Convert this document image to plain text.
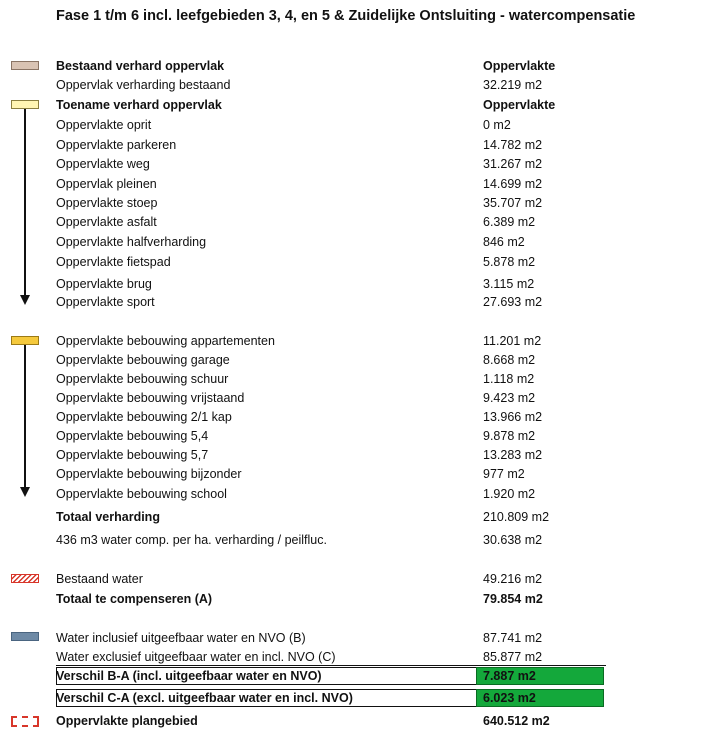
Fase 1 t/m 6 incl. leefgebieden 3, 4, en 5 & Zuidelijke Ontsluiting - watercompensatie
Bestaand verhard oppervlak	Oppervlakte
Oppervlak verharding bestaand	32.219 m2
Toename verhard oppervlak	Oppervlakte
Oppervlakte oprit	0 m2
Oppervlakte parkeren	14.782 m2
Oppervlakte weg	31.267 m2
Oppervlak pleinen	14.699 m2
Oppervlakte stoep	35.707 m2
Oppervlakte asfalt	6.389 m2
Oppervlakte halfverharding	846 m2
Oppervlakte fietspad	5.878 m2
Oppervlakte brug	3.115 m2
Oppervlakte sport	27.693 m2
Oppervlakte bebouwing appartementen	11.201 m2
Oppervlakte bebouwing garage	8.668 m2
Oppervlakte bebouwing schuur	1.118 m2
Oppervlakte bebouwing vrijstaand	9.423 m2
Oppervlakte bebouwing 2/1 kap	13.966 m2
Oppervlakte bebouwing 5,4	9.878 m2
Oppervlakte bebouwing 5,7	13.283 m2
Oppervlakte bebouwing bijzonder	977 m2
Oppervlakte bebouwing school	1.920 m2
Totaal verharding	210.809 m2
436 m3 water comp. per ha. verharding / peilfluc.	30.638 m2
Bestaand water	49.216 m2
Totaal te compenseren (A)	79.854 m2
Water inclusief uitgeefbaar water en NVO (B)	87.741 m2
Water exclusief uitgeefbaar water en incl. NVO (C)	85.877 m2
Verschil B-A (incl. uitgeefbaar water en NVO)	7.887 m2
Verschil C-A (excl. uitgeefbaar water en incl. NVO)	6.023 m2
Oppervlakte plangebied	640.512 m2
